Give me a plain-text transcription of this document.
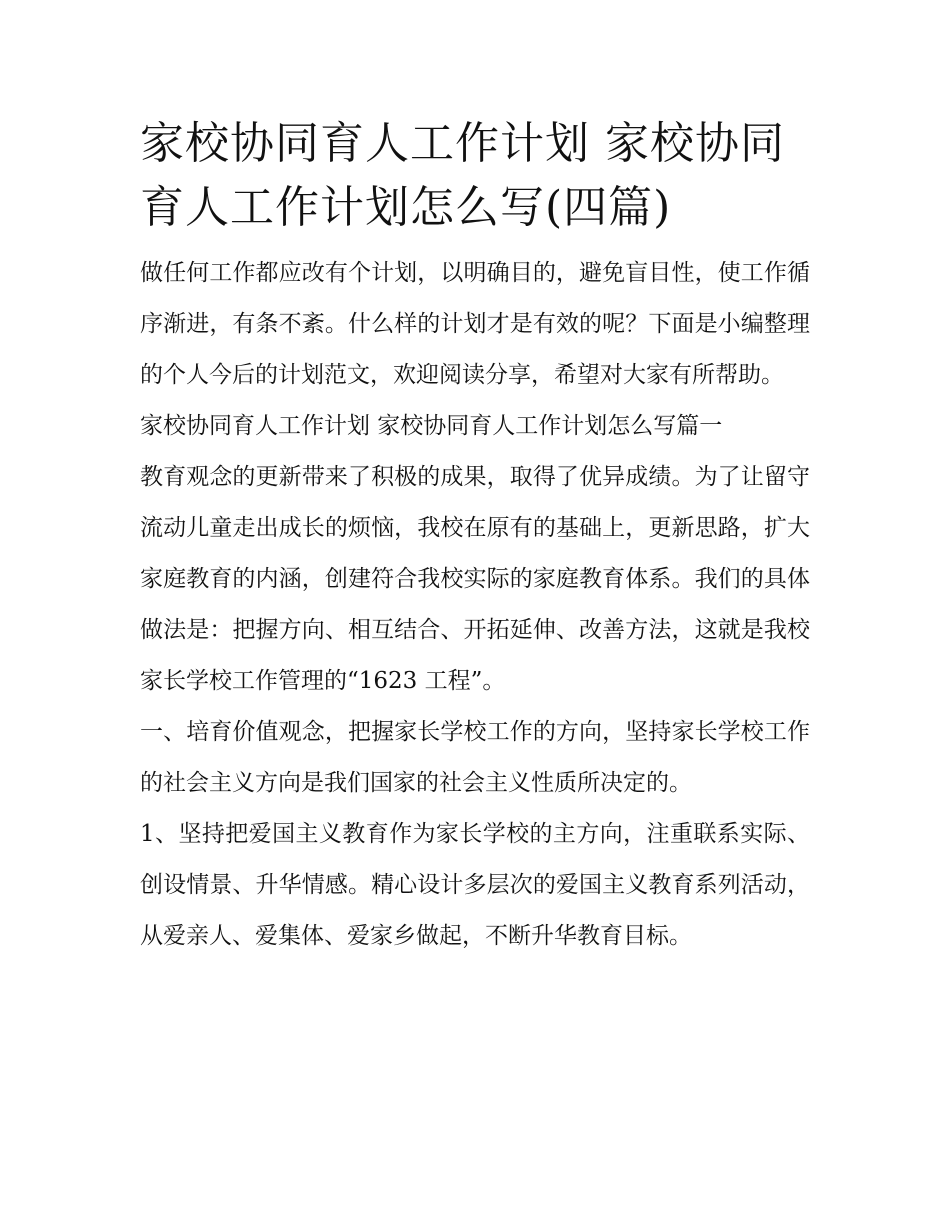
家校协同育人工作计划 家校协同育人工作计划怎么写(四篇)

做任何工作都应改有个计划，以明确目的，避免盲目性，使工作循序渐进，有条不紊。什么样的计划才是有效的呢？下面是小编整理的个人今后的计划范文，欢迎阅读分享，希望对大家有所帮助。

家校协同育人工作计划 家校协同育人工作计划怎么写篇一

教育观念的更新带来了积极的成果，取得了优异成绩。为了让留守流动儿童走出成长的烦恼，我校在原有的基础上，更新思路，扩大家庭教育的内涵，创建符合我校实际的家庭教育体系。我们的具体做法是：把握方向、相互结合、开拓延伸、改善方法，这就是我校家长学校工作管理的“1623 工程”。

一、培育价值观念，把握家长学校工作的方向，坚持家长学校工作的社会主义方向是我们国家的社会主义性质所决定的。

1、坚持把爱国主义教育作为家长学校的主方向，注重联系实际、创设情景、升华情感。精心设计多层次的爱国主义教育系列活动，从爱亲人、爱集体、爱家乡做起，不断升华教育目标。
